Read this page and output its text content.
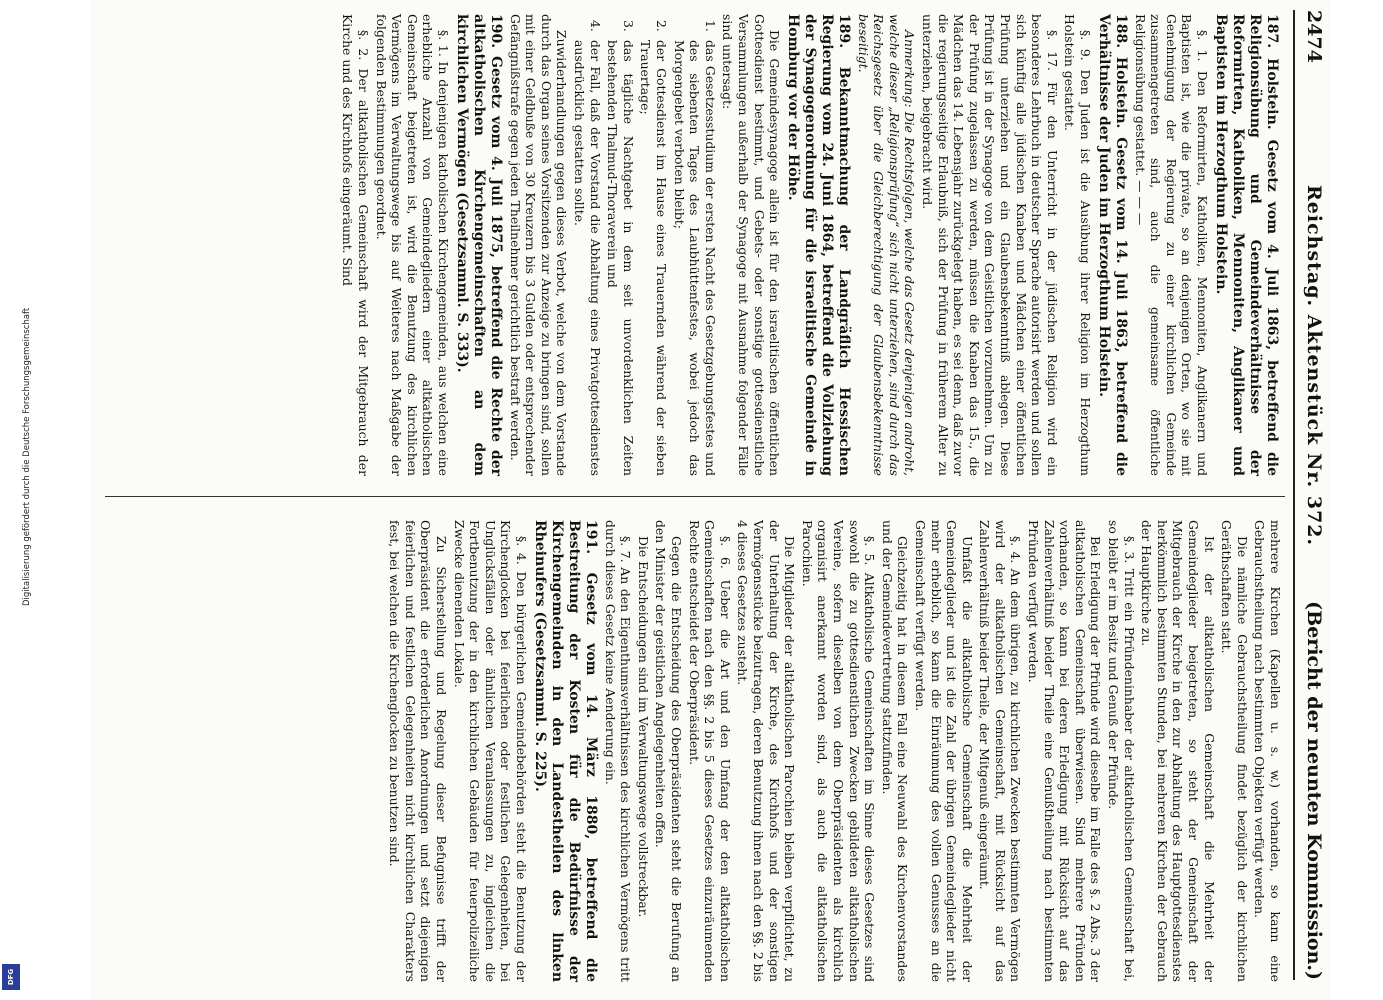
2474
Reichstag. Aktenstück Nr. 372.
(Bericht der neunten Kommission.)

187. Holstein. Gesetz vom 4. Juli 1863, betreffend die Religionsübung und Gemeindeverhältnisse der Reformirten, Katholiken, Mennoniten, Anglikaner und Baptisten im Herzogthum Holstein.

§. 1. Den Reformirten, Katholiken, Mennoniten, Anglikanern und Baptisten ist, wie die private, so an denjenigen Orten, wo sie mit Genehmigung der Regierung zu einer kirchlichen Gemeinde zusammengetreten sind, auch die gemeinsame öffentliche Religionsübung gestattet. — — —

188. Holstein. Gesetz vom 14. Juli 1863, betreffend die Verhältnisse der Juden im Herzogthum Holstein.

§. 9. Den Juden ist die Ausübung ihrer Religion im Herzogthum Holstein gestattet.

§. 17. Für den Unterricht in der jüdischen Religion wird ein besonderes Lehrbuch in deutscher Sprache autorisirt werden und sollen sich künftig alle jüdischen Knaben und Mädchen einer öffentlichen Prüfung unterziehen und ein Glaubensbekenntniß ablegen. Diese Prüfung ist in der Synagoge von dem Geistlichen vorzunehmen. Um zu der Prüfung zugelassen zu werden, müssen die Knaben das 15., die Mädchen das 14. Lebensjahr zurückgelegt haben, es sei denn, daß zuvor die regierungsseitige Erlaubniß, sich der Prüfung in früherem Alter zu unterziehen, beigebracht wird.

Anmerkung: Die Rechtsfolgen, welche das Gesetz denjenigen androht, welche dieser „Religionsprüfung“ sich nicht unterziehen, sind durch das Reichsgesetz über die Gleichberechtigung der Glaubensbekenntnisse beseitigt.

189. Bekanntmachung der Landgräflich Hessischen Regierung vom 24. Juni 1864, betreffend die Vollziehung der Synagogenordnung für die israelitische Gemeinde in Homburg vor der Höhe.

Die Gemeindesynagoge allein ist für den israelitischen öffentlichen Gottesdienst bestimmt, und Gebets- oder sonstige gottesdienstliche Versammlungen außerhalb der Synagoge mit Ausnahme folgender Fälle sind untersagt:

1.
das Gesetzesstudium der ersten Nacht des Gesetzgebungsfestes und des siebenten Tages des Laubhüttenfestes, wobei jedoch das Morgengebet verboten bleibt;

2.
der Gottesdienst im Hause eines Trauernden während der sieben Trauertage;

3.
das tägliche Nachtgebet in dem seit unvordenklichen Zeiten bestehenden Thalmud-Thoraverein und

4.
der Fall, daß der Vorstand die Abhaltung eines Privatgottesdienstes ausdrücklich gestatten sollte.

Zuwiderhandlungen gegen dieses Verbot, welche von dem Vorstande durch das Organ seines Vorsitzenden zur Anzeige zu bringen sind, sollen mit einer Geldbuße von 30 Kreuzern bis 3 Gulden oder entsprechender Gefängnißstrafe gegen jeden Theilnehmer gerichtlich bestraft werden.

190. Gesetz vom 4. Juli 1875, betreffend die Rechte der altkatholischen Kirchengemeinschaften an dem kirchlichen Vermögen (Gesetzsamml. S. 333).

§. 1. In denjenigen katholischen Kirchengemeinden, aus welchen eine erhebliche Anzahl von Gemeindegliedern einer altkatholischen Gemeinschaft beigetreten ist, wird die Benutzung des kirchlichen Vermögens im Verwaltungswege bis auf Weiteres nach Maßgabe der folgenden Bestimmungen geordnet.

§. 2. Der altkatholischen Gemeinschaft wird der Mitgebrauch der Kirche und des Kirchhofs eingeräumt. Sind

mehrere Kirchen (Kapellen u. s. w.) vorhanden, so kann eine Gebrauchstheilung nach bestimmten Objekten verfügt werden.

Die nämliche Gebrauchstheilung findet bezüglich der kirchlichen Geräthschaften statt.

Ist der altkatholischen Gemeinschaft die Mehrheit der Gemeindeglieder beigetreten, so steht der Gemeinschaft der Mitgebrauch der Kirche in den zur Abhaltung des Hauptgottesdienstes herkömmlich bestimmten Stunden, bei mehreren Kirchen der Gebrauch der Hauptkirche zu.

§. 3. Tritt ein Pfründeninhaber der altkatholischen Gemeinschaft bei, so bleibt er im Besitz und Genuß der Pfründe.

Bei Erledigung der Pfründe wird dieselbe im Falle des §. 2 Abs. 3 der altkatholischen Gemeinschaft überwiesen. Sind mehrere Pfründen vorhanden, so kann bei deren Erledigung mit Rücksicht auf das Zahlenverhältniß beider Theile eine Genußtheilung nach bestimmten Pfründen verfügt werden.

§. 4. An dem übrigen, zu kirchlichen Zwecken bestimmten Vermögen wird der altkatholischen Gemeinschaft, mit Rücksicht auf das Zahlenverhältniß beider Theile, der Mitgenuß eingeräumt.

Umfaßt die altkatholische Gemeinschaft die Mehrheit der Gemeindeglieder und ist die Zahl der übrigen Gemeindeglieder nicht mehr erheblich, so kann die Einräumung des vollen Genusses an die Gemeinschaft verfügt werden.

Gleichzeitig hat in diesem Fall eine Neuwahl des Kirchenvorstandes und der Gemeindevertretung stattzufinden.

§. 5. Altkatholische Gemeinschaften im Sinne dieses Gesetzes sind sowohl die zu gottesdienstlichen Zwecken gebildeten altkatholischen Vereine, sofern dieselben von dem Oberpräsidenten als kirchlich organisirt anerkannt worden sind, als auch die altkatholischen Parochien.

Die Mitglieder der altkatholischen Parochien bleiben verpflichtet, zu der Unterhaltung der Kirche, des Kirchhofs und der sonstigen Vermögensstücke beizutragen, deren Benutzung ihnen nach den §§. 2 bis 4 dieses Gesetzes zusteht.

§. 6. Ueber die Art und den Umfang der den altkatholischen Gemeinschaften nach den §§. 2 bis 5 dieses Gesetzes einzuräumenden Rechte entscheidet der Oberpräsident.

Gegen die Entscheidung des Oberpräsidenten steht die Berufung an den Minister der geistlichen Angelegenheiten offen.

Die Entscheidungen sind im Verwaltungswege vollstreckbar.

§. 7. An den Eigenthumsverhältnissen des kirchlichen Vermögens tritt durch dieses Gesetz keine Aenderung ein.

191. Gesetz vom 14. März 1880, betreffend die Bestreitung der Kosten für die Bedürfnisse der Kirchengemeinden in den Landestheilen des linken Rheinufers (Gesetzsamml. S. 225).

§. 4. Den bürgerlichen Gemeindebehörden steht die Benutzung der Kirchenglocken bei feierlichen oder festlichen Gelegenheiten, bei Unglücksfällen oder ähnlichen Veranlassungen zu, ingleichen die Fortbenutzung der in den kirchlichen Gebäuden für feuerpolizeiliche Zwecke dienenden Lokale.

Zu Sicherstellung und Regelung dieser Befugnisse trifft der Oberpräsident die erforderlichen Anordnungen und setzt diejenigen feierlichen und festlichen Gelegenheiten nicht kirchlichen Charakters fest, bei welchen die Kirchenglocken zu benutzen sind.

Digitalisierung gefördert durch die Deutsche Forschungsgemeinschaft
DFG
